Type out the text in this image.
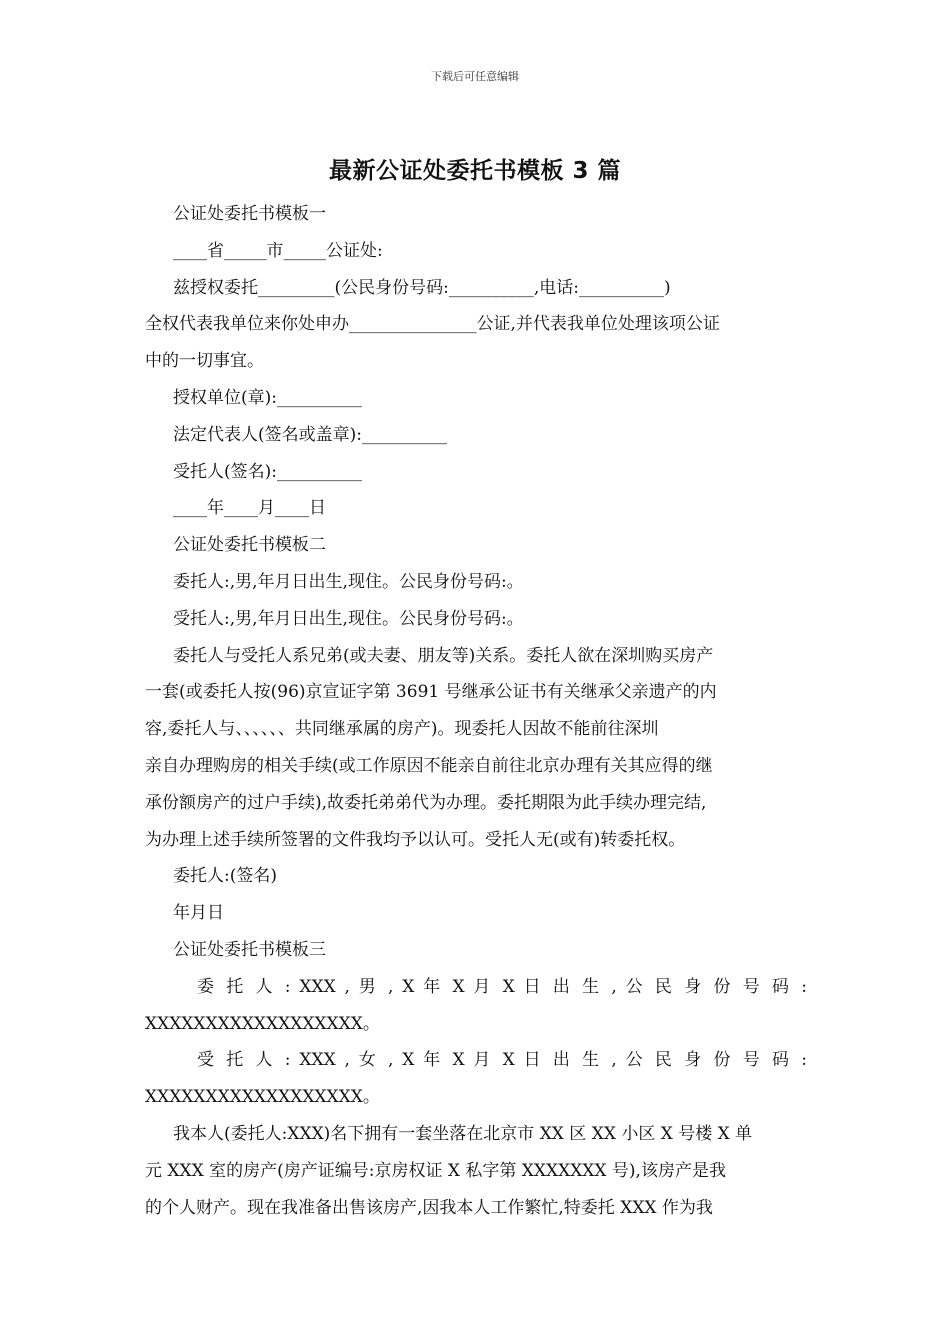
下载后可任意编辑
最新公证处委托书模板 3 篇

公证处委托书模板一

____省_____市_____公证处:

兹授权委托_________(公民身份号码:__________,电话:__________)

全权代表我单位来你处申办_______________公证,并代表我单位处理该项公证

中的一切事宜。

授权单位(章):__________

法定代表人(签名或盖章):__________

受托人(签名):__________

____年____月____日

公证处委托书模板二

委托人:,男,年月日出生,现住。公民身份号码:。

受托人:,男,年月日出生,现住。公民身份号码:。

委托人与受托人系兄弟(或夫妻、朋友等)关系。委托人欲在深圳购买房产

一套(或委托人按(96)京宣证字第 3691 号继承公证书有关继承父亲遗产的内

容,委托人与、、、、、、共同继承属的房产)。现委托人因故不能前往深圳

亲自办理购房的相关手续(或工作原因不能亲自前往北京办理有关其应得的继

承份额房产的过户手续),故委托弟弟代为办理。委托期限为此手续办理完结,

为办理上述手续所签署的文件我均予以认可。受托人无(或有)转委托权。

委托人:(签名)

年月日

公证处委托书模板三

委 托 人 : XXX , 男 , X 年 X 月 X 日 出 生 , 公 民 身 份 号 码 :

XXXXXXXXXXXXXXXXXX。

受 托 人 : XXX , 女 , X 年 X 月 X 日 出 生 , 公 民 身 份 号 码 :

XXXXXXXXXXXXXXXXXX。

我本人(委托人:XXX)名下拥有一套坐落在北京市 XX 区 XX 小区 X 号楼 X 单

元 XXX 室的房产(房产证编号:京房权证 X 私字第 XXXXXXX 号),该房产是我

的个人财产。现在我准备出售该房产,因我本人工作繁忙,特委托 XXX 作为我
